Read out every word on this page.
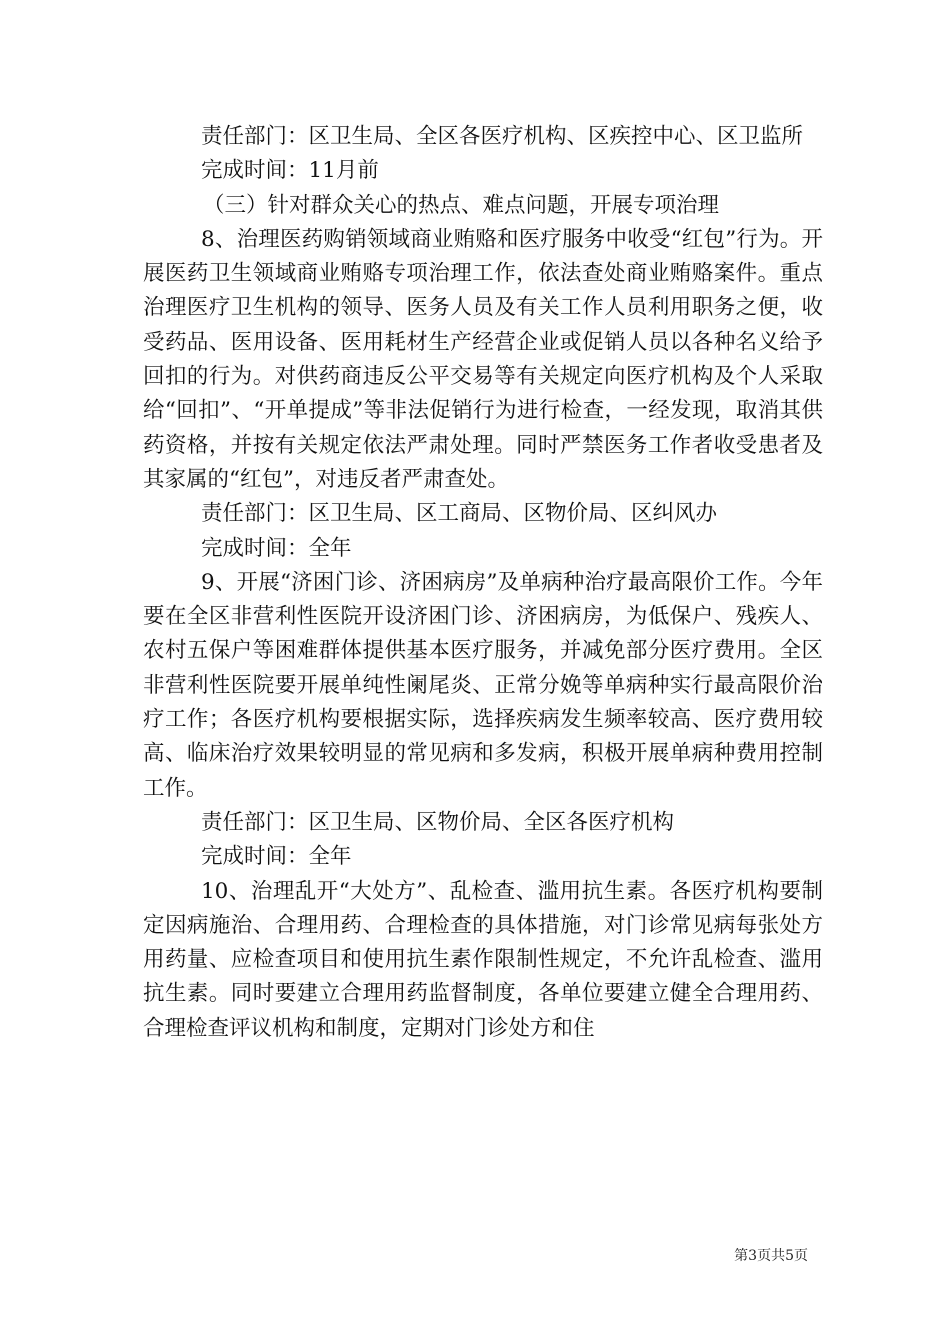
责任部门：区卫生局、全区各医疗机构、区疾控中心、区卫监所

完成时间：11月前

（三）针对群众关心的热点、难点问题，开展专项治理

8、治理医药购销领域商业贿赂和医疗服务中收受“红包”行为。开展医药卫生领域商业贿赂专项治理工作，依法查处商业贿赂案件。重点治理医疗卫生机构的领导、医务人员及有关工作人员利用职务之便，收受药品、医用设备、医用耗材生产经营企业或促销人员以各种名义给予回扣的行为。对供药商违反公平交易等有关规定向医疗机构及个人采取给“回扣”、“开单提成”等非法促销行为进行检查，一经发现，取消其供药资格，并按有关规定依法严肃处理。同时严禁医务工作者收受患者及其家属的“红包”，对违反者严肃查处。

责任部门：区卫生局、区工商局、区物价局、区纠风办

完成时间：全年

9、开展“济困门诊、济困病房”及单病种治疗最高限价工作。今年要在全区非营利性医院开设济困门诊、济困病房，为低保户、残疾人、农村五保户等困难群体提供基本医疗服务，并减免部分医疗费用。全区非营利性医院要开展单纯性阑尾炎、正常分娩等单病种实行最高限价治疗工作；各医疗机构要根据实际，选择疾病发生频率较高、医疗费用较高、临床治疗效果较明显的常见病和多发病，积极开展单病种费用控制工作。

责任部门：区卫生局、区物价局、全区各医疗机构

完成时间：全年

10、治理乱开“大处方”、乱检查、滥用抗生素。各医疗机构要制定因病施治、合理用药、合理检查的具体措施，对门诊常见病每张处方用药量、应检查项目和使用抗生素作限制性规定，不允许乱检查、滥用抗生素。同时要建立合理用药监督制度，各单位要建立健全合理用药、合理检查评议机构和制度，定期对门诊处方和住

第3页共5页
